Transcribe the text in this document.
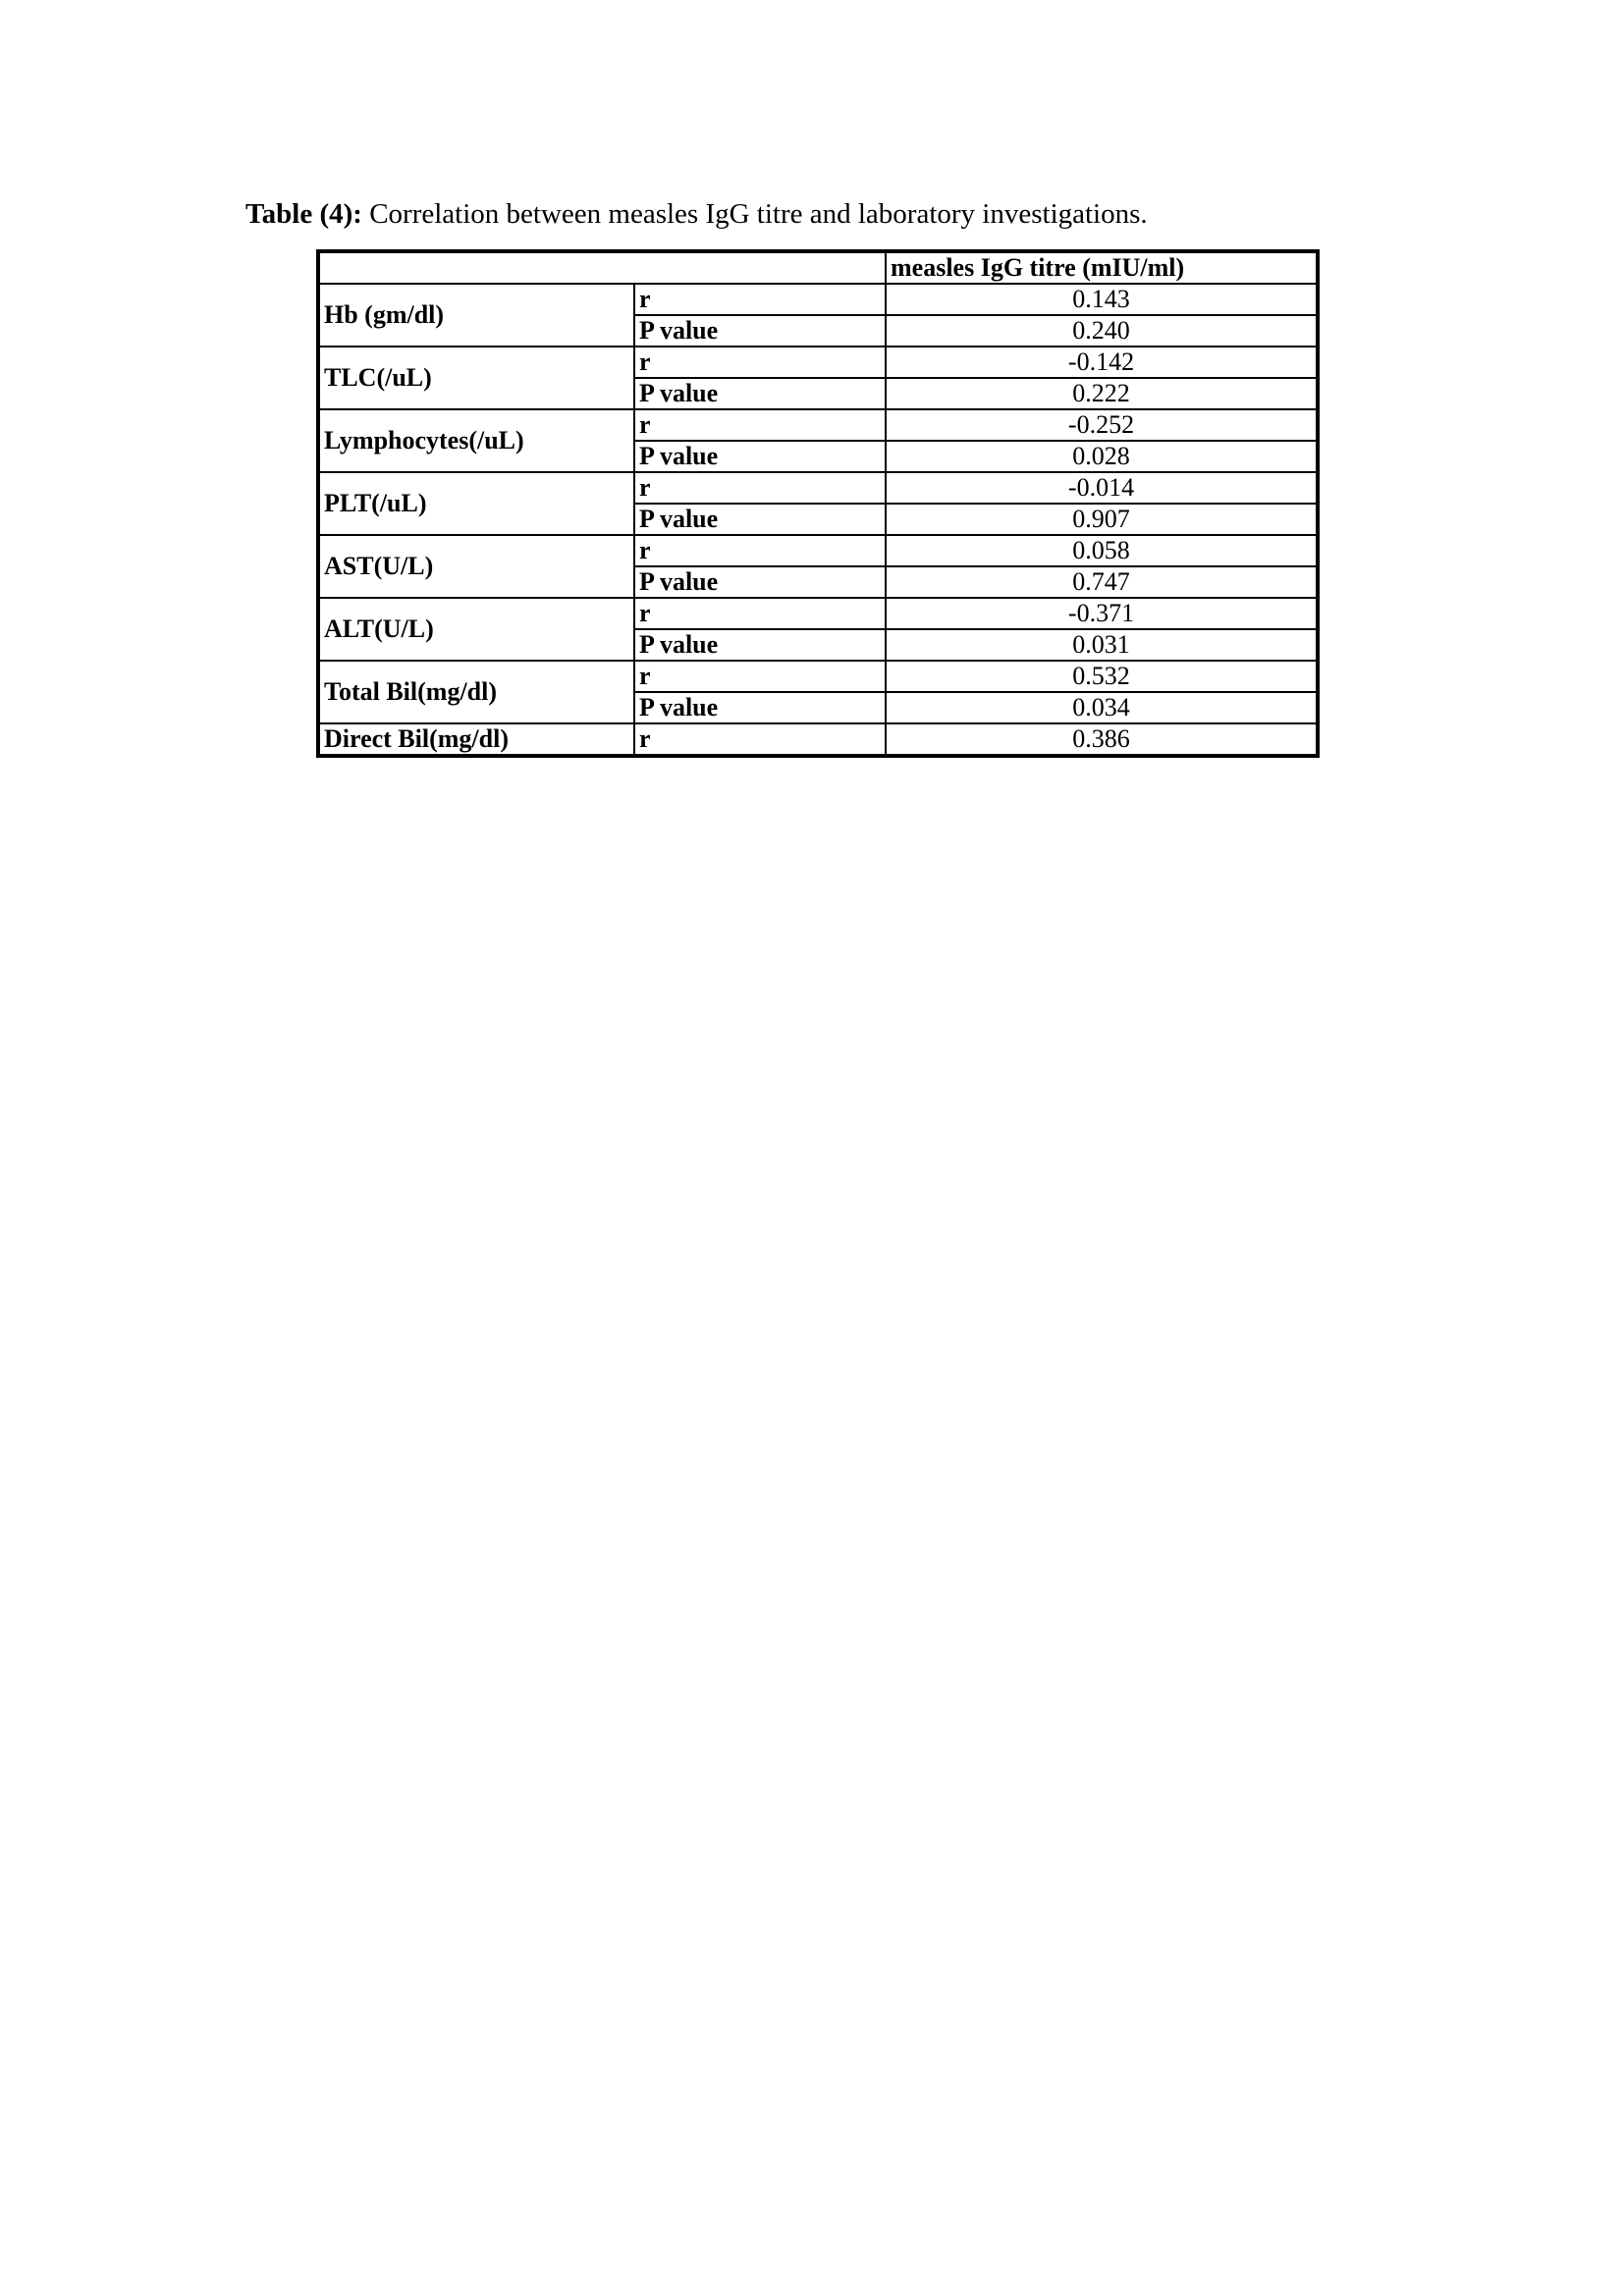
Table (4): Correlation between measles IgG titre and laboratory investigations.
		measles IgG titre (mIU/ml)
Hb (gm/dl)	r	0.143
	P value	0.240
TLC(/uL)	r	-0.142
	P value	0.222
Lymphocytes(/uL)	r	-0.252
	P value	0.028
PLT(/uL)	r	-0.014
	P value	0.907
AST(U/L)	r	0.058
	P value	0.747
ALT(U/L)	r	-0.371
	P value	0.031
Total Bil(mg/dl)	r	0.532
	P value	0.034
Direct Bil(mg/dl)	r	0.386
